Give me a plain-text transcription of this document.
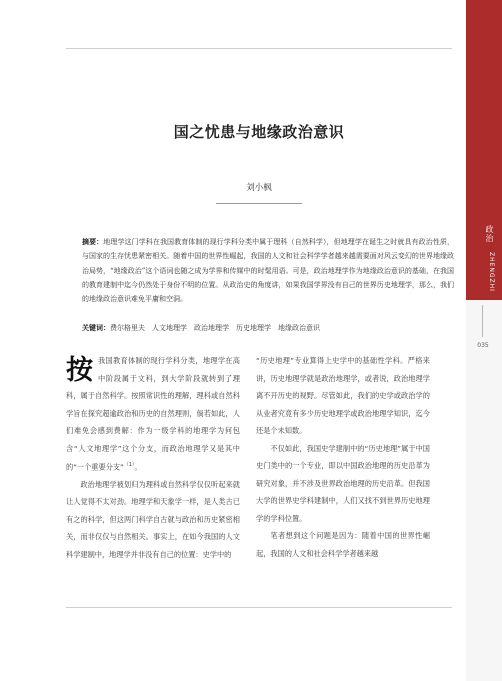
政治
ZHENGZHI
035
国之忧患与地缘政治意识
刘小枫
摘要：地理学这门学科在我国教育体制的现行学科分类中属于理科（自然科学），但地理学在诞生之时就具有政治性质，与国家的生存忧患紧密相关。随着中国的世界性崛起，我国的人文和社会科学学者越来越需要面对风云变幻的世界地缘政治局势，“地缘政治”这个语词也随之成为学界和传媒中的时髦用语。可是，政治地理学作为地缘政治意识的基础，在我国的教育建制中迄今仍然处于身份不明的位置。从政治史的角度讲，如果我国学界没有自己的世界历史地理学，那么，我们的地缘政治意识难免平庸和空洞。
关键词：费尔格里夫　人文地理学　政治地理学　历史地理学　地缘政治意识

按我国教育体制的现行学科分类，地理学在高中阶段属于文科，到大学阶段就转到了理科，属于自然科学。按照常识性的理解，理科或自然科学旨在探究超逾政治和历史的自然理则，倘若如此，人们难免会感到费解：作为一级学科的地理学为何包含“人文地理学”这个分支，而政治地理学又是其中的“一个重要分支”$^{(1)}$。

政治地理学被划归为理科或自然科学仅仅听起来就让人觉得不太对劲。地理学和天象学一样，是人类古已有之的科学，但这两门科学自古就与政治和历史紧密相关，而非仅仅与自然相关。事实上，在如今我国的人文科学建制中，地理学并非没有自己的位置：史学中的

“历史地理”专业算得上史学中的基础性学科。严格来讲，历史地理学就是政治地理学，或者说，政治地理学离不开历史的视野。尽管如此，我们的史学或政治学的从业者究竟有多少历史地理学或政治地理学知识，迄今还是个未知数。

不仅如此，我国史学建制中的“历史地理”属于中国史门类中的一个专业，即以中国政治地理的历史沿革为研究对象，并不涉及世界政治地理的历史沿革。但我国大学的世界史学科建制中，人们又找不到世界历史地理学的学科位置。

笔者想到这个问题是因为：随着中国的世界性崛起，我国的人文和社会科学学者越来越
